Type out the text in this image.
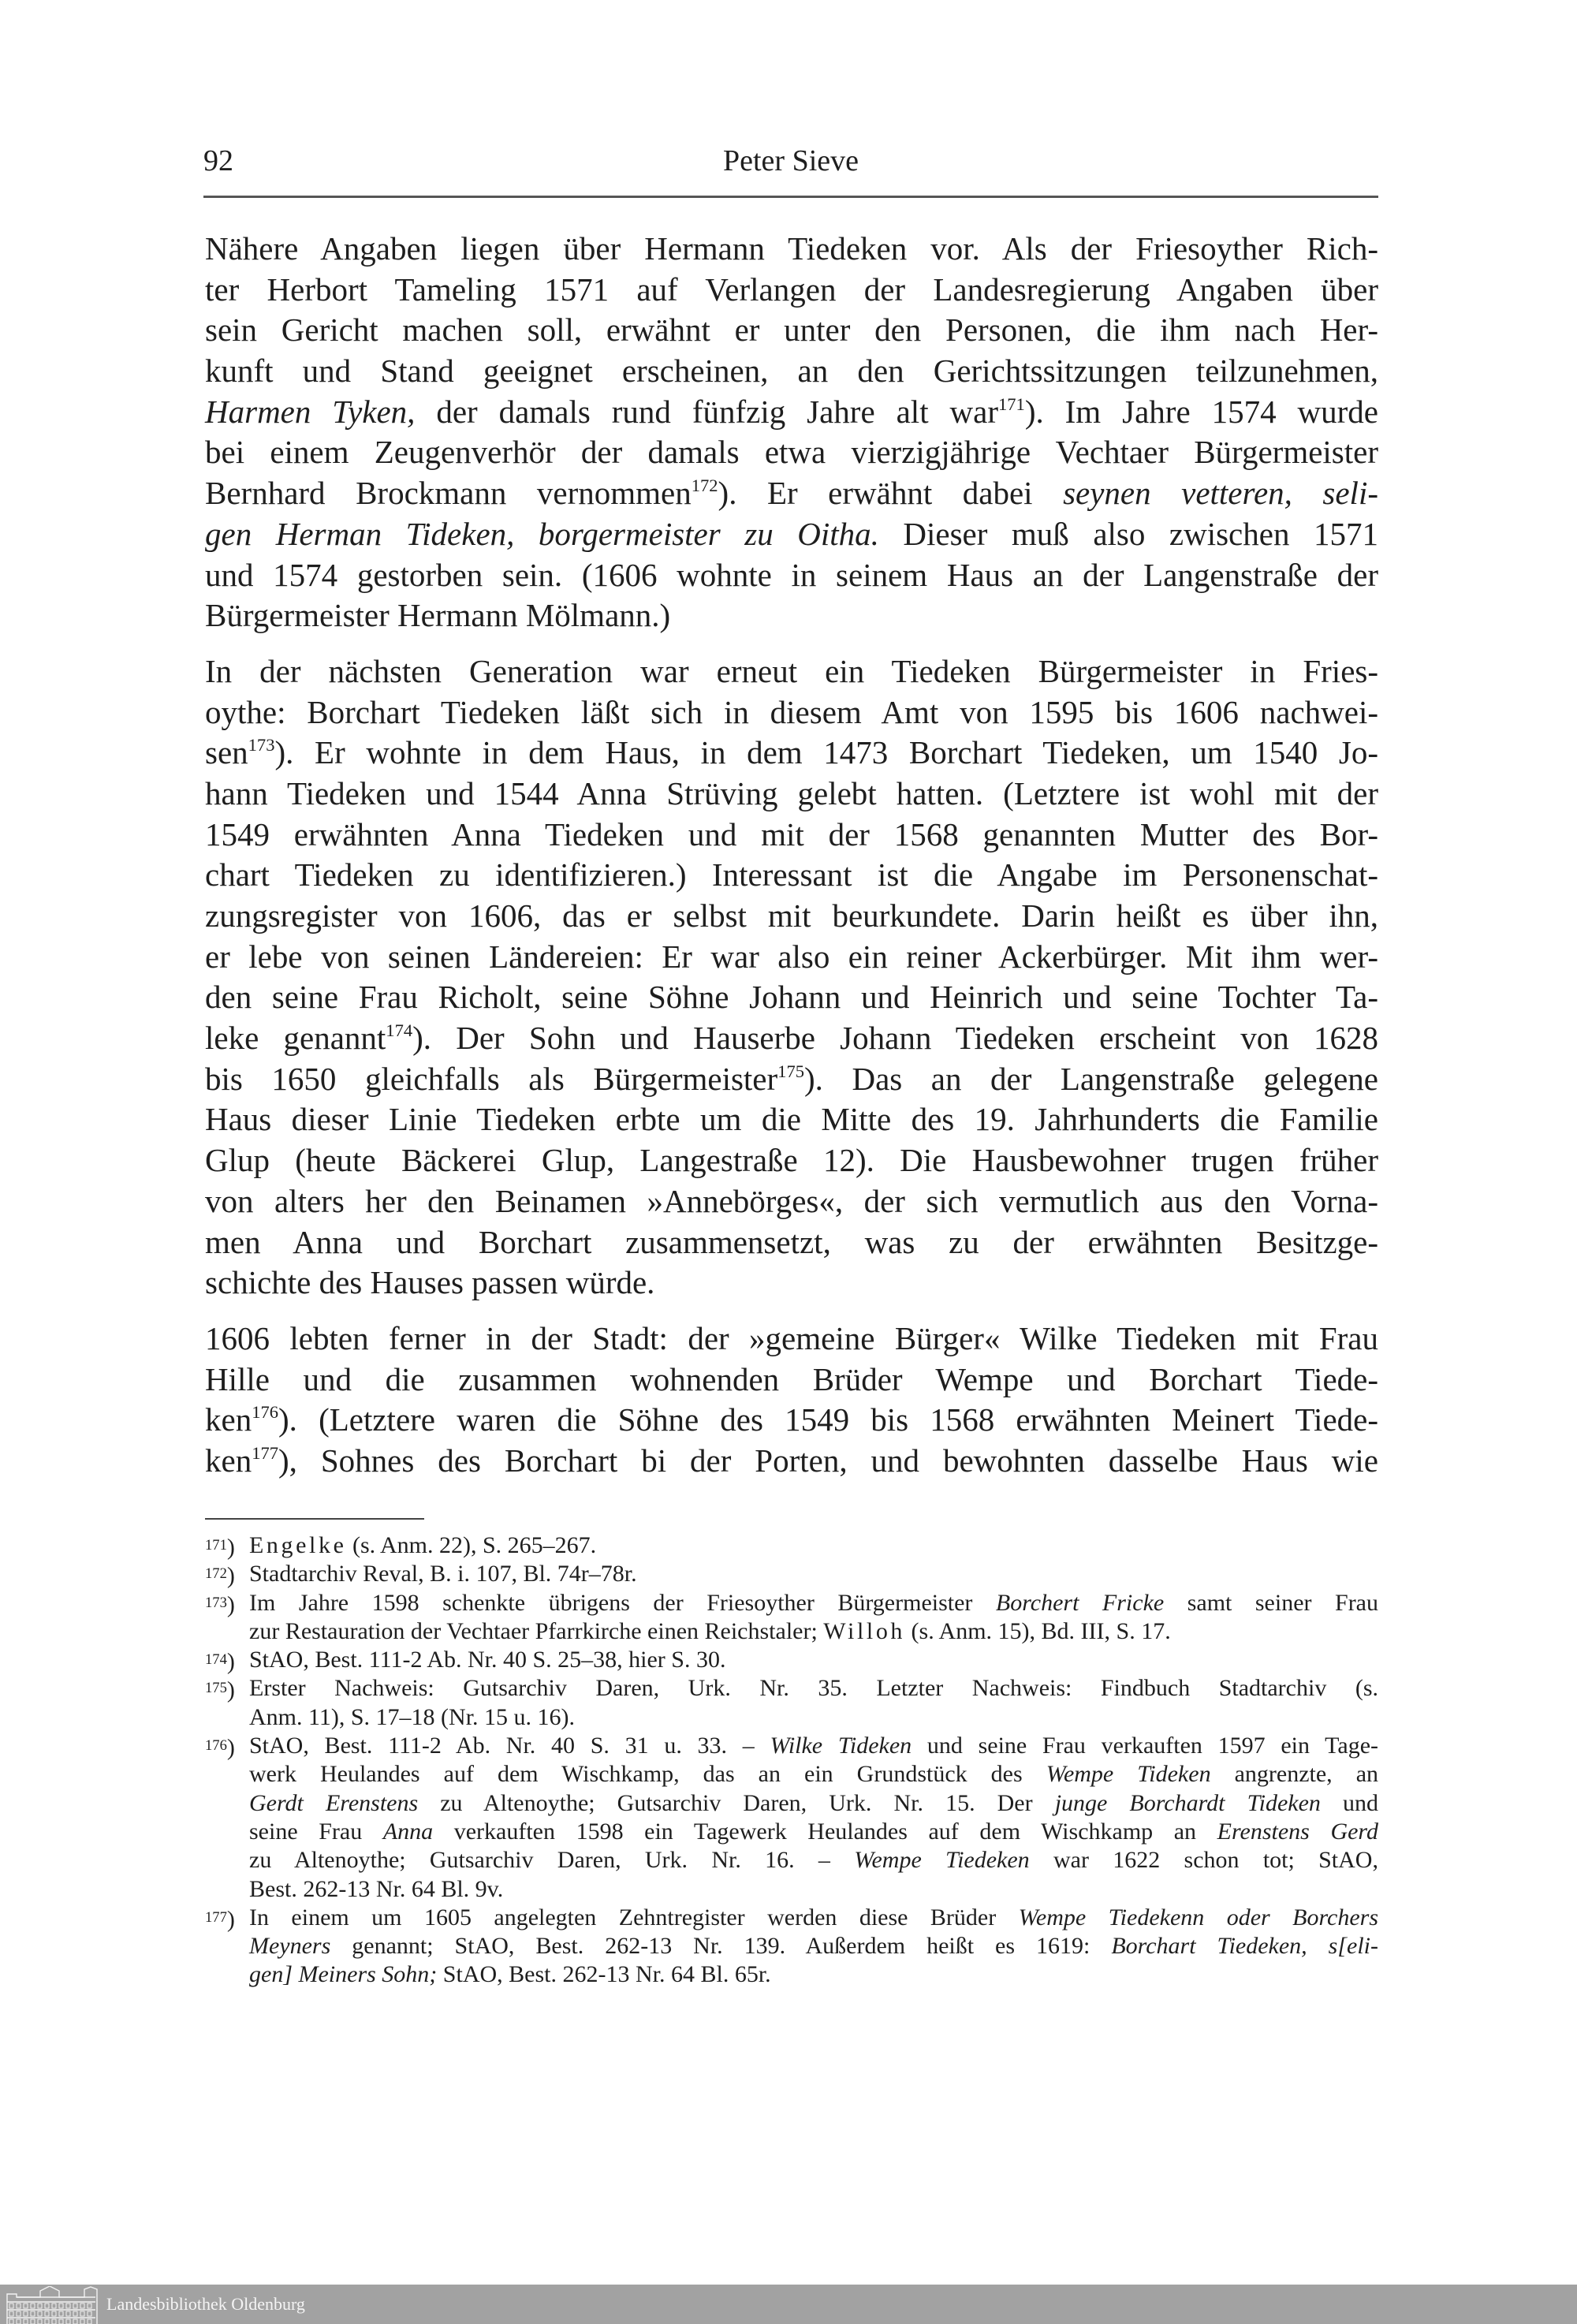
92	Peter Sieve
Nähere Angaben liegen über Hermann Tiedeken vor. Als der Friesoyther Rich-
ter Herbort Tameling 1571 auf Verlangen der Landesregierung Angaben über
sein Gericht machen soll, erwähnt er unter den Personen, die ihm nach Her-
kunft und Stand geeignet erscheinen, an den Gerichtssitzungen teilzunehmen,
Harmen Tyken, der damals rund fünfzig Jahre alt war$^{171}$). Im Jahre 1574 wurde
bei einem Zeugenverhör der damals etwa vierzigjährige Vechtaer Bürgermeister
Bernhard Brockmann vernommen$^{172}$). Er erwähnt dabei seynen vetteren, seli-
gen Herman Tideken, borgermeister zu Oitha. Dieser muß also zwischen 1571
und 1574 gestorben sein. (1606 wohnte in seinem Haus an der Langenstraße der
Bürgermeister Hermann Mölmann.)
In der nächsten Generation war erneut ein Tiedeken Bürgermeister in Fries-
oythe: Borchart Tiedeken läßt sich in diesem Amt von 1595 bis 1606 nachwei-
sen$^{173}$). Er wohnte in dem Haus, in dem 1473 Borchart Tiedeken, um 1540 Jo-
hann Tiedeken und 1544 Anna Strüving gelebt hatten. (Letztere ist wohl mit der
1549 erwähnten Anna Tiedeken und mit der 1568 genannten Mutter des Bor-
chart Tiedeken zu identifizieren.) Interessant ist die Angabe im Personenschat-
zungsregister von 1606, das er selbst mit beurkundete. Darin heißt es über ihn,
er lebe von seinen Ländereien: Er war also ein reiner Ackerbürger. Mit ihm wer-
den seine Frau Richolt, seine Söhne Johann und Heinrich und seine Tochter Ta-
leke genannt$^{174}$). Der Sohn und Hauserbe Johann Tiedeken erscheint von 1628
bis 1650 gleichfalls als Bürgermeister$^{175}$). Das an der Langenstraße gelegene
Haus dieser Linie Tiedeken erbte um die Mitte des 19. Jahrhunderts die Familie
Glup (heute Bäckerei Glup, Langestraße 12). Die Hausbewohner trugen früher
von alters her den Beinamen »Annebörges«, der sich vermutlich aus den Vorna-
men Anna und Borchart zusammensetzt, was zu der erwähnten Besitzge-
schichte des Hauses passen würde.
1606 lebten ferner in der Stadt: der »gemeine Bürger« Wilke Tiedeken mit Frau
Hille und die zusammen wohnenden Brüder Wempe und Borchart Tiede-
ken$^{176}$). (Letztere waren die Söhne des 1549 bis 1568 erwähnten Meinert Tiede-
ken$^{177}$), Sohnes des Borchart bi der Porten, und bewohnten dasselbe Haus wie
$^{171}$) Engelke (s. Anm. 22), S. 265–267.
$^{172}$) Stadtarchiv Reval, B. i. 107, Bl. 74r–78r.
$^{173}$) Im Jahre 1598 schenkte übrigens der Friesoyther Bürgermeister Borchert Fricke samt seiner Frau
zur Restauration der Vechtaer Pfarrkirche einen Reichstaler; Willoh (s. Anm. 15), Bd. III, S. 17.
$^{174}$) StAO, Best. 111-2 Ab. Nr. 40 S. 25–38, hier S. 30.
$^{175}$) Erster Nachweis: Gutsarchiv Daren, Urk. Nr. 35. Letzter Nachweis: Findbuch Stadtarchiv (s.
Anm. 11), S. 17–18 (Nr. 15 u. 16).
$^{176}$) StAO, Best. 111-2 Ab. Nr. 40 S. 31 u. 33. – Wilke Tideken und seine Frau verkauften 1597 ein Tage-
werk Heulandes auf dem Wischkamp, das an ein Grundstück des Wempe Tideken angrenzte, an
Gerdt Erenstens zu Altenoythe; Gutsarchiv Daren, Urk. Nr. 15. Der junge Borchardt Tideken und
seine Frau Anna verkauften 1598 ein Tagewerk Heulandes auf dem Wischkamp an Erenstens Gerd
zu Altenoythe; Gutsarchiv Daren, Urk. Nr. 16. – Wempe Tiedeken war 1622 schon tot; StAO,
Best. 262-13 Nr. 64 Bl. 9v.
$^{177}$) In einem um 1605 angelegten Zehntregister werden diese Brüder Wempe Tiedekenn oder Borchers
Meyners genannt; StAO, Best. 262-13 Nr. 139. Außerdem heißt es 1619: Borchart Tiedeken, s[eli-
gen] Meiners Sohn; StAO, Best. 262-13 Nr. 64 Bl. 65r.
Landesbibliothek Oldenburg
